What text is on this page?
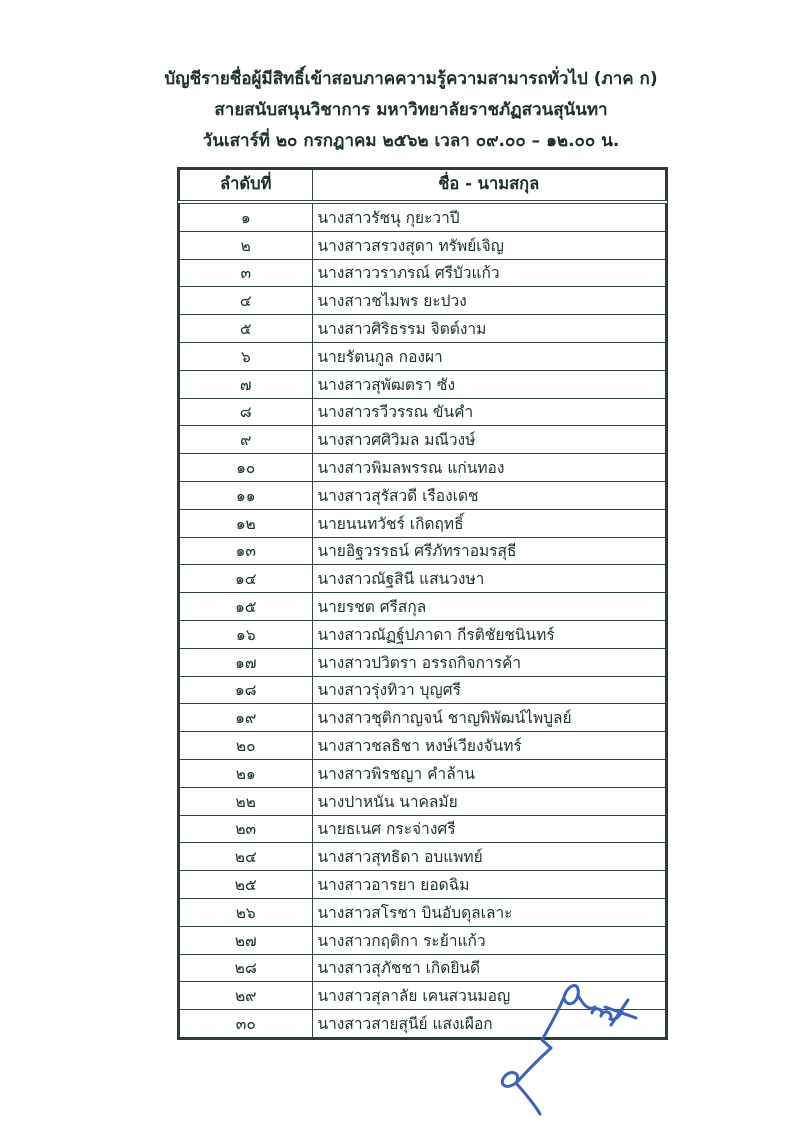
บัญชีรายชื่อผู้มีสิทธิ์เข้าสอบภาคความรู้ความสามารถทั่วไป (ภาค ก)
สายสนับสนุนวิชาการ มหาวิทยาลัยราชภัฏสวนสุนันทา
วันเสาร์ที่ ๒๐ กรกฎาคม ๒๕๖๒ เวลา ๐๙.๐๐ – ๑๒.๐๐ น.
ลำดับที่	ชื่อ - นามสกุล
๑	นางสาวรัชนุ กุยะวาปี
๒	นางสาวสรวงสุดา ทรัพย์เจิญ
๓	นางสาววราภรณ์ ศรีบัวแก้ว
๔	นางสาวชไมพร ยะปวง
๕	นางสาวศิริธรรม จิตต์งาม
๖	นายรัตนกูล กองผา
๗	นางสาวสุพัฒตรา ซัง
๘	นางสาวรวีวรรณ ขันคำ
๙	นางสาวศศิวิมล มณีวงษ์
๑๐	นางสาวพิมลพรรณ แก่นทอง
๑๑	นางสาวสุรัสวดี เรืองเดช
๑๒	นายนนทวัชร์ เกิดฤทธิ์
๑๓	นายอิฐวรรธน์ ศรีภัทราอมรสุธี
๑๔	นางสาวณัฐสินี แสนวงษา
๑๕	นายรชต ศรีสกุล
๑๖	นางสาวณัฏฐ์ปภาดา กีรติชัยชนินทร์
๑๗	นางสาวปวิตรา อรรถกิจการค้า
๑๘	นางสาวรุ่งทิวา บุญศรี
๑๙	นางสาวชุติกาญจน์ ชาญพิพัฒน์ไพบูลย์
๒๐	นางสาวชลธิชา หงษ์เวียงจันทร์
๒๑	นางสาวพิรชญา คำล้าน
๒๒	นางปาหนัน นาคลมัย
๒๓	นายธเนศ กระจ่างศรี
๒๔	นางสาวสุทธิดา อบแพทย์
๒๕	นางสาวอารยา ยอดฉิม
๒๖	นางสาวสโรชา บินอับดุลเลาะ
๒๗	นางสาวกฤติกา ระย้าแก้ว
๒๘	นางสาวสุภัชชา เกิดยินดี
๒๙	นางสาวสุลาลัย เคนสวนมอญ
๓๐	นางสาวสายสุนีย์ แสงเผือก
